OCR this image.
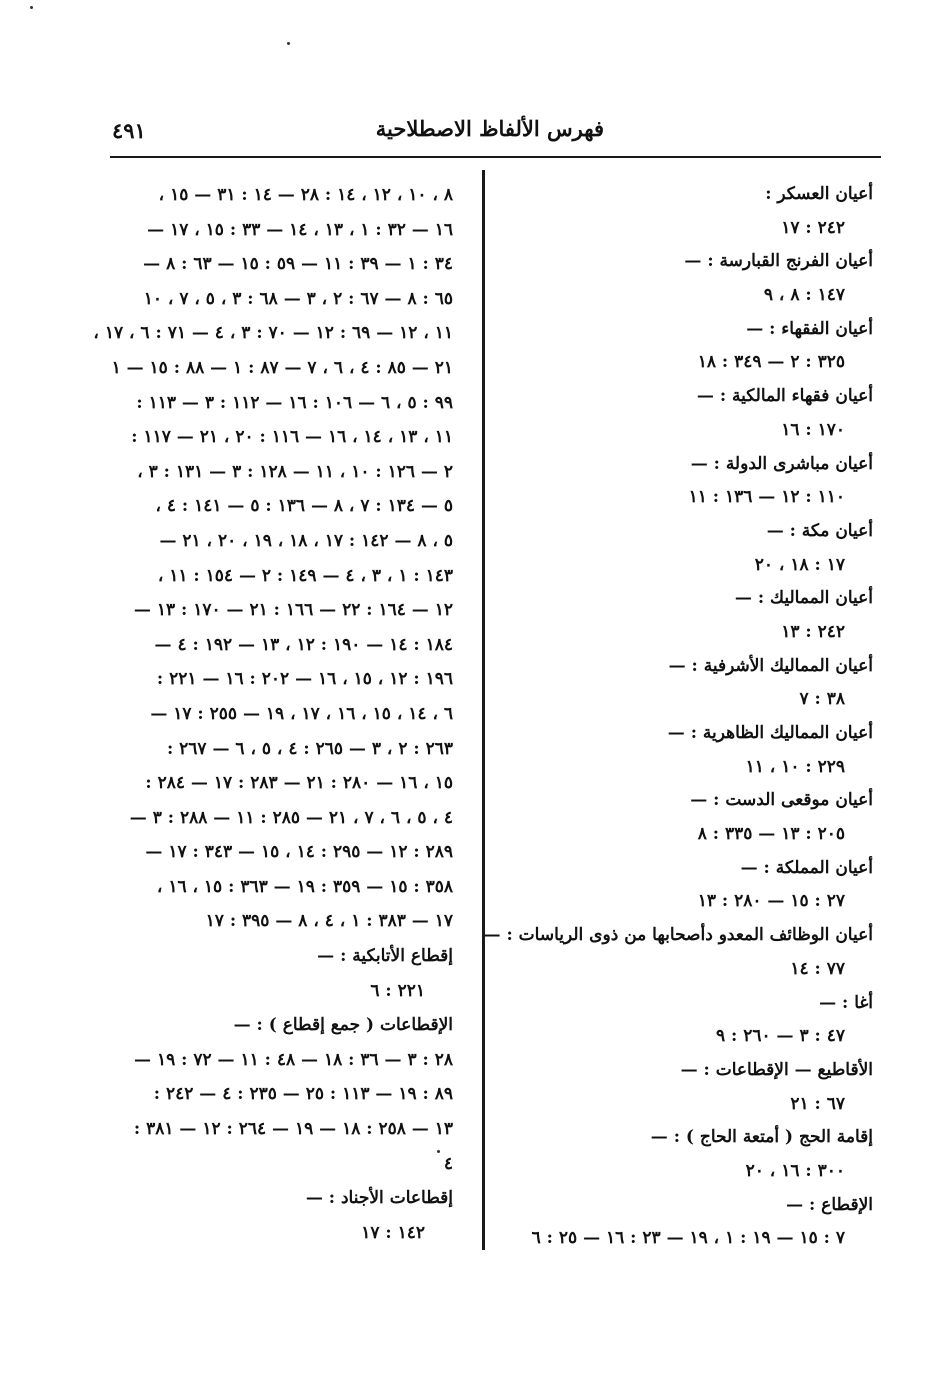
فهرس الألفاظ الاصطلاحية
٤٩١
أعيان العسكر :
٢٤٢ : ١٧
أعيان الفرنج القبارسة : —
١٤٧ : ٨ ، ٩
أعيان الفقهاء : —
٣٢٥ : ٢ — ٣٤٩ : ١٨
أعيان فقهاء المالكية : —
١٧٠ : ١٦
أعيان مباشرى الدولة : —
١١٠ : ١٢ — ١٣٦ : ١١
أعيان مكة : —
١٧ : ١٨ ، ٢٠
أعيان المماليك : —
٢٤٢ : ١٣
أعيان المماليك الأشرفية : —
٣٨ : ٧
أعيان المماليك الظاهرية : —
٢٢٩ : ١٠ ، ١١
أعيان موقعى الدست : —
٢٠٥ : ١٣ — ٣٣٥ : ٨
أعيان المملكة : —
٢٧ : ١٥ — ٢٨٠ : ١٣
أعيان الوظائف المعدو دأصحابها من ذوى الرياسات : —
٧٧ : ١٤
أغا : —
٤٧ : ٣ — ٢٦٠ : ٩
الأقاطيع — الإقطاعات : —
٦٧ : ٢١
إقامة الحج ( أمتعة الحاج ) : —
٣٠٠ : ١٦ ، ٢٠
الإقطاع : —
٧ : ١٥ — ١٩ : ١ ، ١٩ — ٢٣ : ١٦ — ٢٥ : ٦
٨ ، ١٠ ، ١٢ ، ١٤ : ٢٨ — ١٤ : ٣١ — ١٥ ،
١٦ — ٣٢ : ١ ، ١٣ ، ١٤ — ٣٣ : ١٥ ، ١٧ —
٣٤ : ١ — ٣٩ : ١١ — ٥٩ : ١٥ — ٦٣ : ٨ —
٦٥ : ٨ — ٦٧ : ٢ ، ٣ — ٦٨ : ٣ ، ٥ ، ٧ ، ١٠
١١ ، ١٢ — ٦٩ : ١٢ — ٧٠ : ٣ ، ٤ — ٧١ : ٦ ، ١٧ ،
٢١ — ٨٥ : ٤ ، ٦ ، ٧ — ٨٧ : ١ — ٨٨ : ١٥ — ١
٩٩ : ٥ ، ٦ — ١٠٦ : ١٦ — ١١٢ : ٣ — ١١٣ :
١١ ، ١٣ ، ١٤ ، ١٦ — ١١٦ : ٢٠ ، ٢١ — ١١٧ :
٢ — ١٢٦ : ١٠ ، ١١ — ١٢٨ : ٣ — ١٣١ : ٣ ،
٥ — ١٣٤ : ٧ ، ٨ — ١٣٦ : ٥ — ١٤١ : ٤ ،
٥ ، ٨ — ١٤٢ : ١٧ ، ١٨ ، ١٩ ، ٢٠ ، ٢١ —
١٤٣ : ١ ، ٣ ، ٤ — ١٤٩ : ٢ — ١٥٤ : ١١ ،
١٢ — ١٦٤ : ٢٢ — ١٦٦ : ٢١ — ١٧٠ : ١٣ —
١٨٤ : ١٤ — ١٩٠ : ١٢ ، ١٣ — ١٩٢ : ٤ —
١٩٦ : ١٢ ، ١٥ ، ١٦ — ٢٠٢ : ١٦ — ٢٢١ :
٦ ، ١٤ ، ١٥ ، ١٦ ، ١٧ ، ١٩ — ٢٥٥ : ١٧ —
٢٦٣ : ٢ ، ٣ — ٢٦٥ : ٤ ، ٥ ، ٦ — ٢٦٧ :
١٥ ، ١٦ — ٢٨٠ : ٢١ — ٢٨٣ : ١٧ — ٢٨٤ :
٤ ، ٥ ، ٦ ، ٧ ، ٢١ — ٢٨٥ : ١١ — ٢٨٨ : ٣ —
٢٨٩ : ١٢ — ٢٩٥ : ١٤ ، ١٥ — ٣٤٣ : ١٧ —
٣٥٨ : ١٥ — ٣٥٩ : ١٩ — ٣٦٣ : ١٥ ، ١٦ ،
١٧ — ٣٨٣ : ١ ، ٤ ، ٨ — ٣٩٥ : ١٧
إقطاع الأتابكية : —
٢٢١ : ٦
الإقطاعات ( جمع إقطاع ) : —
٢٨ : ٣ — ٣٦ : ١٨ — ٤٨ : ١١ — ٧٢ : ١٩ —
٨٩ : ١٩ — ١١٣ : ٢٥ — ٢٣٥ : ٤ — ٢٤٢ :
١٣ — ٢٥٨ : ١٨ — ١٩ — ٢٦٤ : ١٢ — ٣٨١ :
٤
إقطاعات الأجناد : —
١٤٢ : ١٧
